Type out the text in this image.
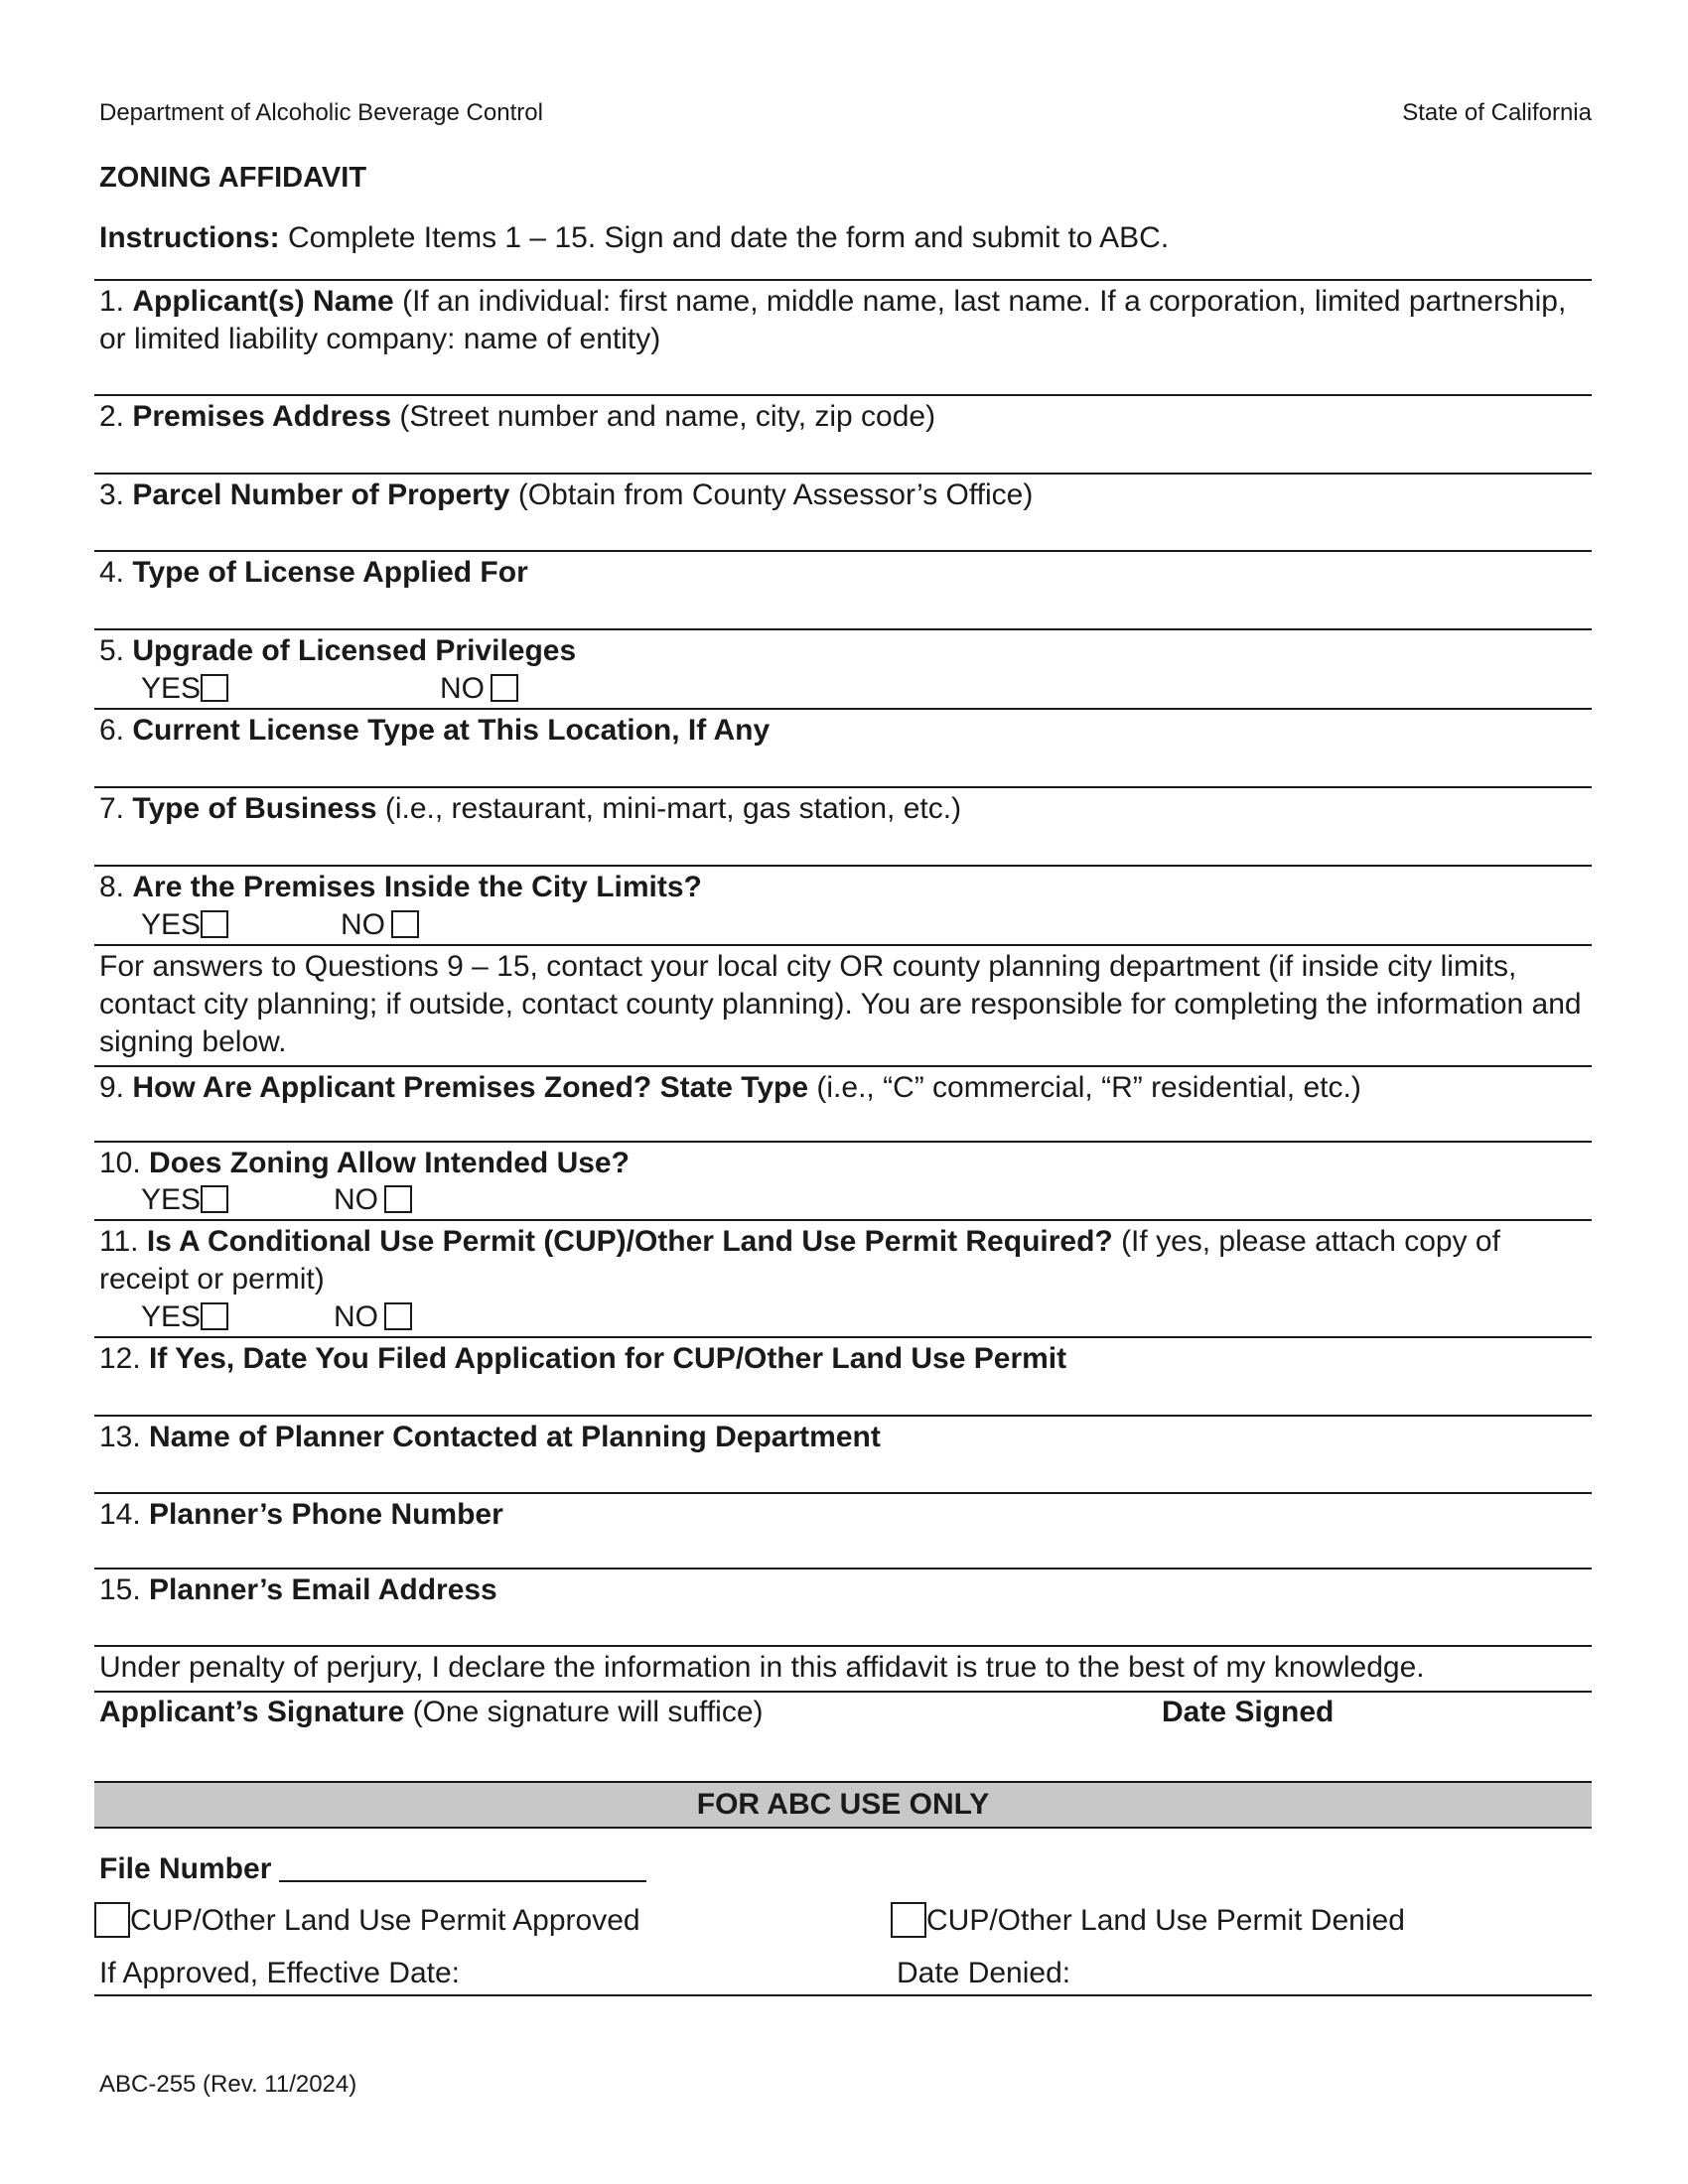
Department of Alcoholic Beverage Control	State of California
ZONING AFFIDAVIT
Instructions: Complete Items 1 – 15. Sign and date the form and submit to ABC.
1. Applicant(s) Name (If an individual: first name, middle name, last name. If a corporation, limited partnership, or limited liability company: name of entity)
2. Premises Address (Street number and name, city, zip code)
3. Parcel Number of Property (Obtain from County Assessor’s Office)
4. Type of License Applied For
5. Upgrade of Licensed Privileges
YES	NO
6. Current License Type at This Location, If Any
7. Type of Business (i.e., restaurant, mini-mart, gas station, etc.)
8. Are the Premises Inside the City Limits?
YES	NO
For answers to Questions 9 – 15, contact your local city OR county planning department (if inside city limits, contact city planning; if outside, contact county planning). You are responsible for completing the information and signing below.
9. How Are Applicant Premises Zoned? State Type (i.e., “C” commercial, “R” residential, etc.)
10. Does Zoning Allow Intended Use?
YES	NO
11. Is A Conditional Use Permit (CUP)/Other Land Use Permit Required? (If yes, please attach copy of receipt or permit)
YES	NO
12. If Yes, Date You Filed Application for CUP/Other Land Use Permit
13. Name of Planner Contacted at Planning Department
14. Planner’s Phone Number
15. Planner’s Email Address
Under penalty of perjury, I declare the information in this affidavit is true to the best of my knowledge.
Applicant’s Signature (One signature will suffice)	Date Signed
FOR ABC USE ONLY
File Number
CUP/Other Land Use Permit Approved	CUP/Other Land Use Permit Denied
If Approved, Effective Date:	Date Denied:
ABC-255 (Rev. 11/2024)
